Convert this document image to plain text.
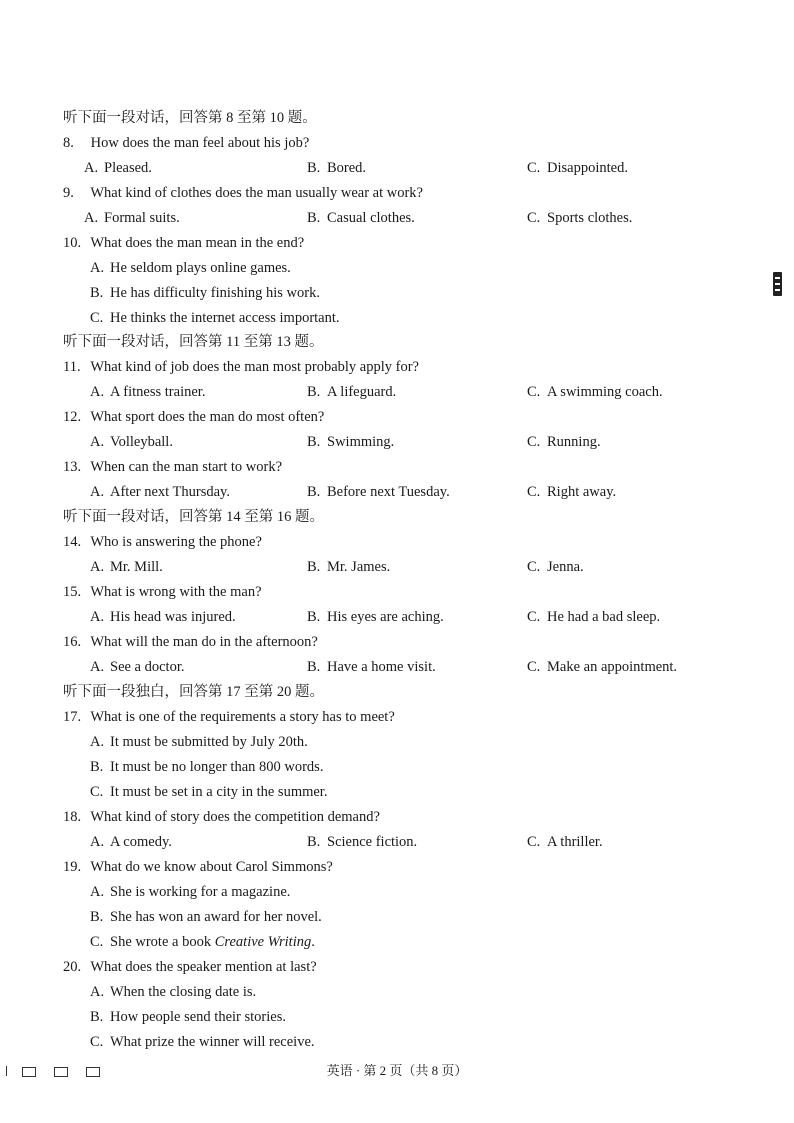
听下面一段对话，回答第 8 至第 10 题。
8. How does the man feel about his job?
A. Pleased.	B. Bored.	C. Disappointed.
9. What kind of clothes does the man usually wear at work?
A. Formal suits.	B. Casual clothes.	C. Sports clothes.
10. What does the man mean in the end?
A. He seldom plays online games.
B. He has difficulty finishing his work.
C. He thinks the internet access important.
听下面一段对话，回答第 11 至第 13 题。
11. What kind of job does the man most probably apply for?
A. A fitness trainer.	B. A lifeguard.	C. A swimming coach.
12. What sport does the man do most often?
A. Volleyball.	B. Swimming.	C. Running.
13. When can the man start to work?
A. After next Thursday.	B. Before next Tuesday.	C. Right away.
听下面一段对话，回答第 14 至第 16 题。
14. Who is answering the phone?
A. Mr. Mill.	B. Mr. James.	C. Jenna.
15. What is wrong with the man?
A. His head was injured.	B. His eyes are aching.	C. He had a bad sleep.
16. What will the man do in the afternoon?
A. See a doctor.	B. Have a home visit.	C. Make an appointment.
听下面一段独白，回答第 17 至第 20 题。
17. What is one of the requirements a story has to meet?
A. It must be submitted by July 20th.
B. It must be no longer than 800 words.
C. It must be set in a city in the summer.
18. What kind of story does the competition demand?
A. A comedy.	B. Science fiction.	C. A thriller.
19. What do we know about Carol Simmons?
A. She is working for a magazine.
B. She has won an award for her novel.
C. She wrote a book Creative Writing.
20. What does the speaker mention at last?
A. When the closing date is.
B. How people send their stories.
C. What prize the winner will receive.
英语 · 第 2 页（共 8 页）
